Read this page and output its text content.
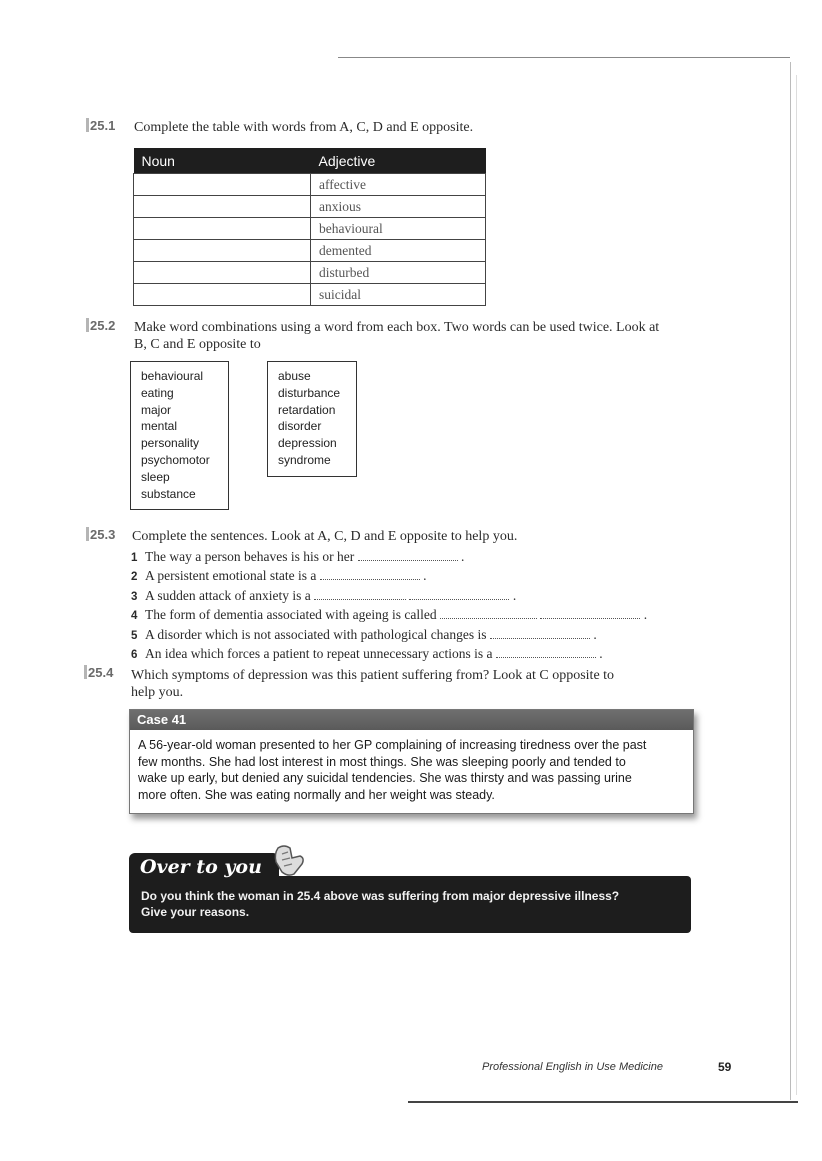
25.1 Complete the table with words from A, C, D and E opposite.
Noun	Adjective
	affective
	anxious
	behavioural
	demented
	disturbed
	suicidal
25.2 Make word combinations using a word from each box. Two words can be used twice. Look at
B, C and E opposite to
behavioural
eating
major
mental
personality
psychomotor
sleep
substance
abuse
disturbance
retardation
disorder
depression
syndrome
25.3 Complete the sentences. Look at A, C, D and E opposite to help you.
1 The way a person behaves is his or her	.
2 A persistent emotional state is a	.
3 A sudden attack of anxiety is a	.
4 The form of dementia associated with ageing is called	.
5 A disorder which is not associated with pathological changes is	.
6 An idea which forces a patient to repeat unnecessary actions is a	.
25.4 Which symptoms of depression was this patient suffering from? Look at C opposite to
help you.
Case 41
A 56-year-old woman presented to her GP complaining of increasing tiredness over the past
few months. She had lost interest in most things. She was sleeping poorly and tended to
wake up early, but denied any suicidal tendencies. She was thirsty and was passing urine
more often. She was eating normally and her weight was steady.
Over to you
Do you think the woman in 25.4 above was suffering from major depressive illness?
Give your reasons.
Professional English in Use Medicine	59
